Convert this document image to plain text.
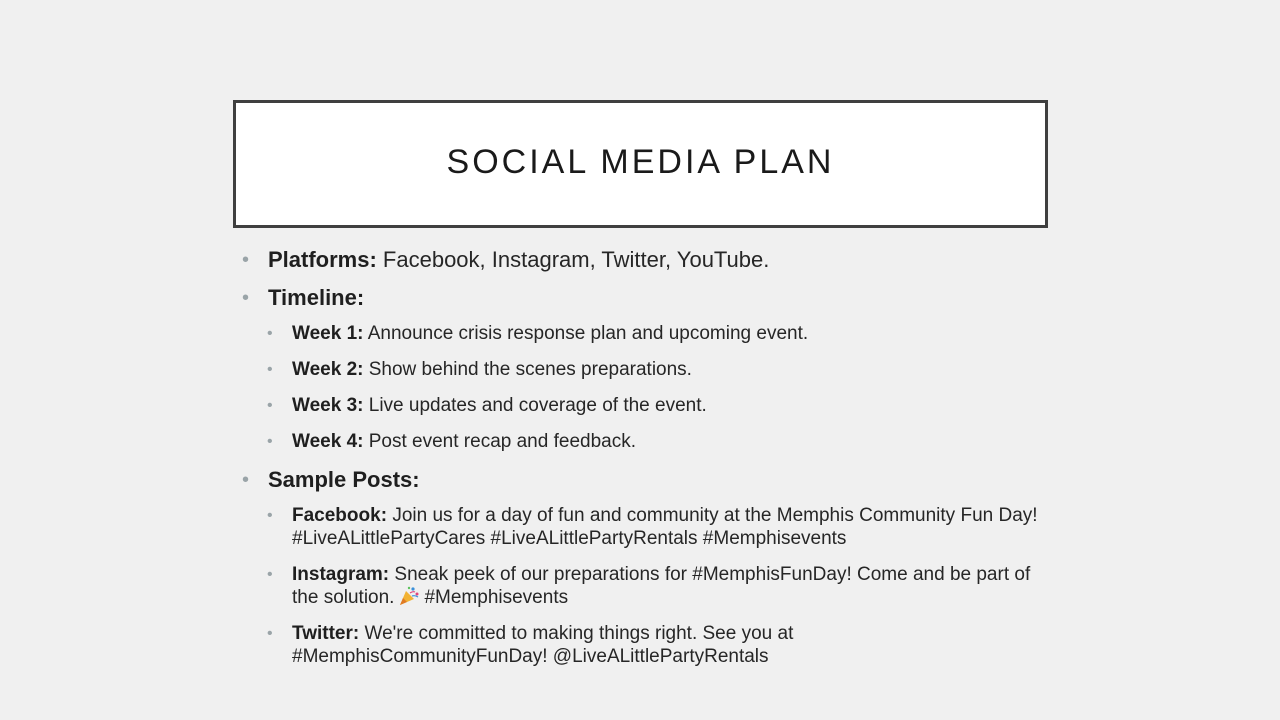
SOCIAL MEDIA PLAN
• Platforms: Facebook, Instagram, Twitter, YouTube.
• Timeline:
• Week 1: Announce crisis response plan and upcoming event.
• Week 2: Show behind the scenes preparations.
• Week 3: Live updates and coverage of the event.
• Week 4: Post event recap and feedback.
• Sample Posts:
• Facebook: Join us for a day of fun and community at the Memphis Community Fun Day! #LiveALittlePartyCares #LiveALittlePartyRentals #Memphisevents
• Instagram: Sneak peek of our preparations for #MemphisFunDay! Come and be part of the solution. #Memphisevents
• Twitter: We're committed to making things right. See you at #MemphisCommunityFunDay! @LiveALittlePartyRentals
